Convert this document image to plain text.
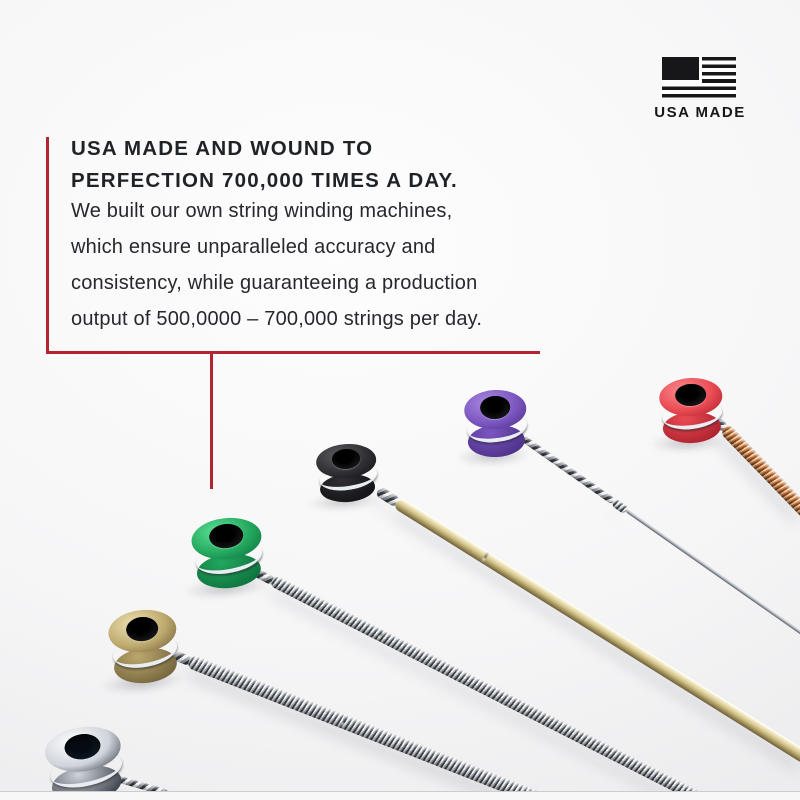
USA MADE
USA MADE AND WOUND TO
PERFECTION 700,000 TIMES A DAY.

We built our own string winding machines,
which ensure unparalleled accuracy and
consistency, while guaranteeing a production
output of 500,0000 – 700,000 strings per day.
